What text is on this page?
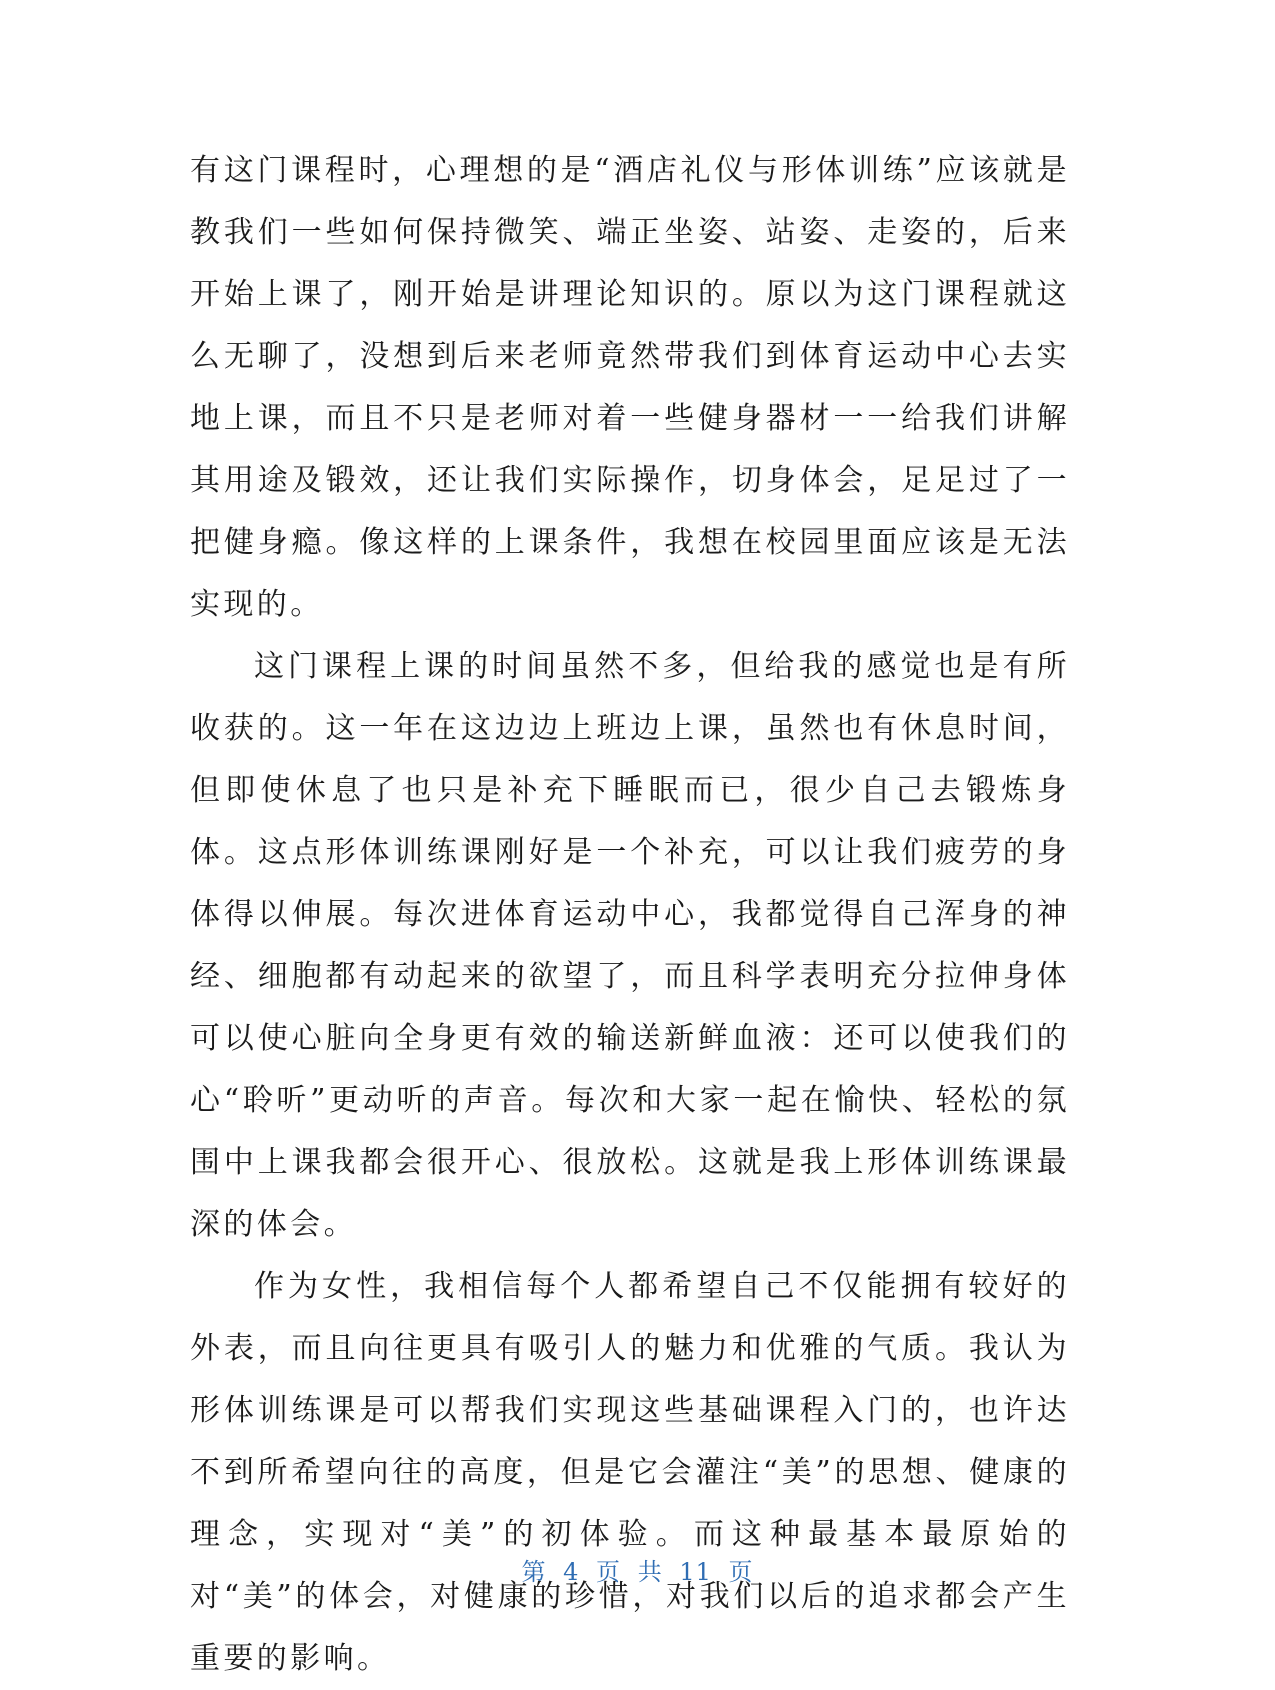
有这门课程时，心理想的是“酒店礼仪与形体训练”应该就是教我们一些如何保持微笑、端正坐姿、站姿、走姿的，后来开始上课了，刚开始是讲理论知识的。原以为这门课程就这么无聊了，没想到后来老师竟然带我们到体育运动中心去实地上课，而且不只是老师对着一些健身器材一一给我们讲解其用途及锻效，还让我们实际操作，切身体会，足足过了一把健身瘾。像这样的上课条件，我想在校园里面应该是无法实现的。

这门课程上课的时间虽然不多，但给我的感觉也是有所收获的。这一年在这边边上班边上课，虽然也有休息时间，但即使休息了也只是补充下睡眠而已，很少自己去锻炼身体。这点形体训练课刚好是一个补充，可以让我们疲劳的身体得以伸展。每次进体育运动中心，我都觉得自己浑身的神经、细胞都有动起来的欲望了，而且科学表明充分拉伸身体可以使心脏向全身更有效的输送新鲜血液：还可以使我们的心“聆听”更动听的声音。每次和大家一起在愉快、轻松的氛围中上课我都会很开心、很放松。这就是我上形体训练课最深的体会。

作为女性，我相信每个人都希望自己不仅能拥有较好的外表，而且向往更具有吸引人的魅力和优雅的气质。我认为形体训练课是可以帮我们实现这些基础课程入门的，也许达不到所希望向往的高度，但是它会灌注“美”的思想、健康的理念，实现对“美”的初体验。而这种最基本最原始的对“美”的体会，对健康的珍惜，对我们以后的追求都会产生重要的影响。

第 4 页 共 11 页
